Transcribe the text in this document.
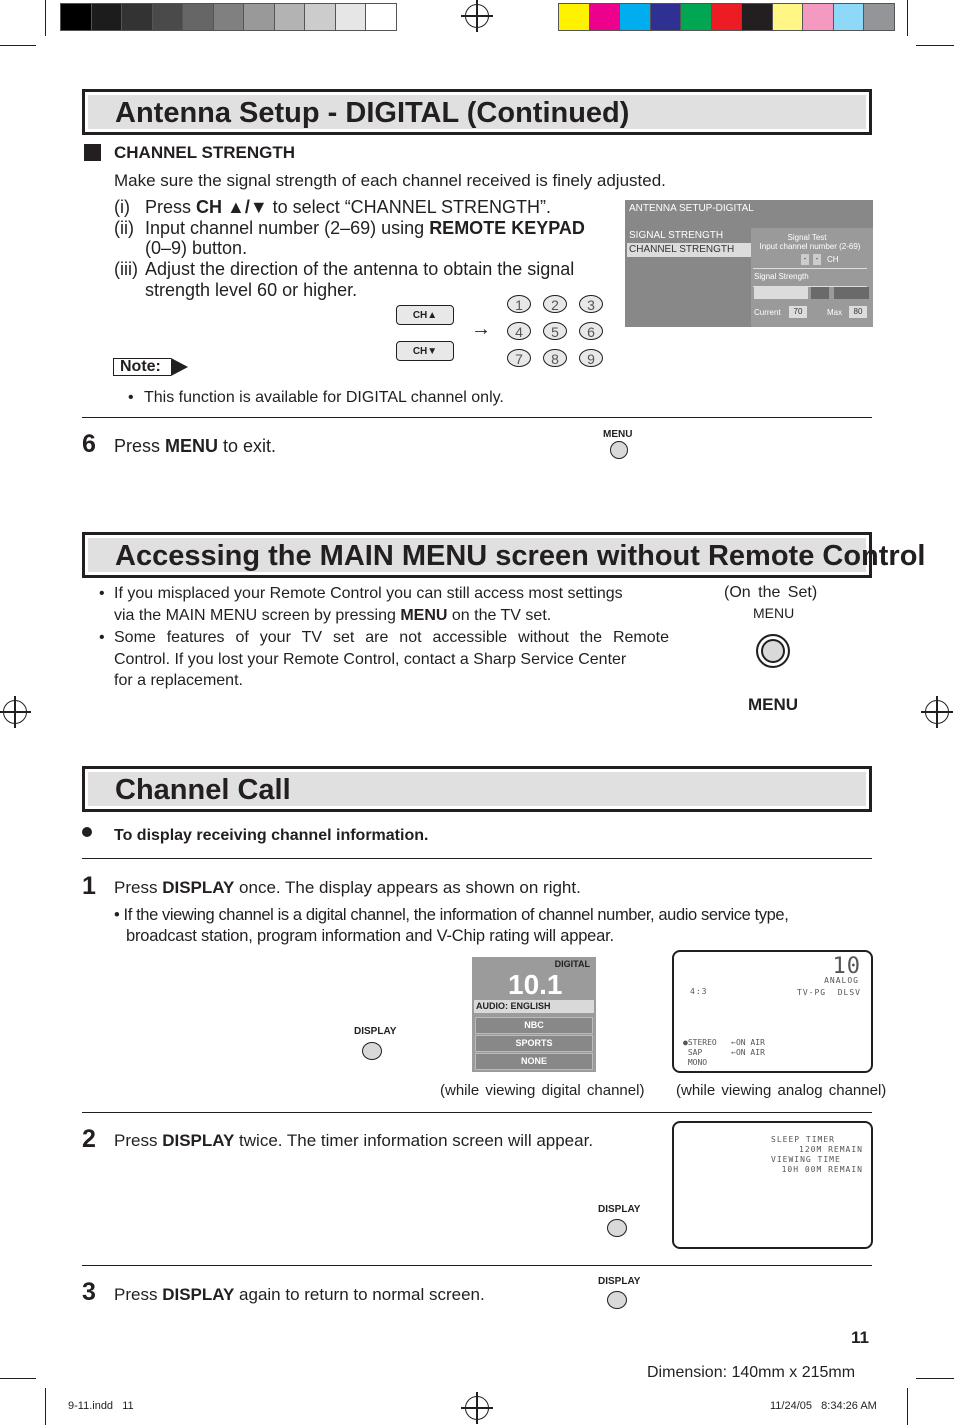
Antenna Setup - DIGITAL (Continued)
CHANNEL STRENGTH
Make sure the signal strength of each channel received is finely adjusted.
(i) Press CH ▲/▼ to select “CHANNEL STRENGTH”.
(ii) Input channel number (2–69) using REMOTE KEYPAD
(0–9) button.
(iii) Adjust the direction of the antenna to obtain the signal
strength level 60 or higher.
CH▲
CH▼
→
1	2	3
4	5	6
7	8	9
ANTENNA SETUP-DIGITAL
SIGNAL STRENGTH
CHANNEL STRENGTH
Signal Test
Input channel number (2-69)
-	-	CH
Signal Strength
Current	70	Max	80
Note:
• This function is available for DIGITAL channel only.
6 Press MENU to exit.
MENU
Accessing the MAIN MENU screen without Remote Control
• If you misplaced your Remote Control you can still access most settings
via the MAIN MENU screen by pressing MENU on the TV set.
• Some features of your TV set are not accessible without the Remote
Control. If you lost your Remote Control, contact a Sharp Service Center
for a replacement.
(On the Set)
MENU
MENU
Channel Call
To display receiving channel information.
1 Press DISPLAY once. The display appears as shown on right.
• If the viewing channel is a digital channel, the information of channel number, audio service type,
broadcast station, program information and V-Chip rating will appear.
DISPLAY
DIGITAL
10.1
AUDIO: ENGLISH
NBC
SPORTS
NONE
(while viewing digital channel)
10
ANALOG
4:3	TV-PG  DLSV
●STEREO   ←ON AIR
SAP      ←ON AIR
MONO
(while viewing analog channel)
2 Press DISPLAY twice. The timer information screen will appear.
DISPLAY
SLEEP TIMER
120M REMAIN
VIEWING TIME
10H 00M REMAIN
3 Press DISPLAY again to return to normal screen.
DISPLAY
11
Dimension: 140mm x 215mm
9-11.indd   11	11/24/05   8:34:26 AM
